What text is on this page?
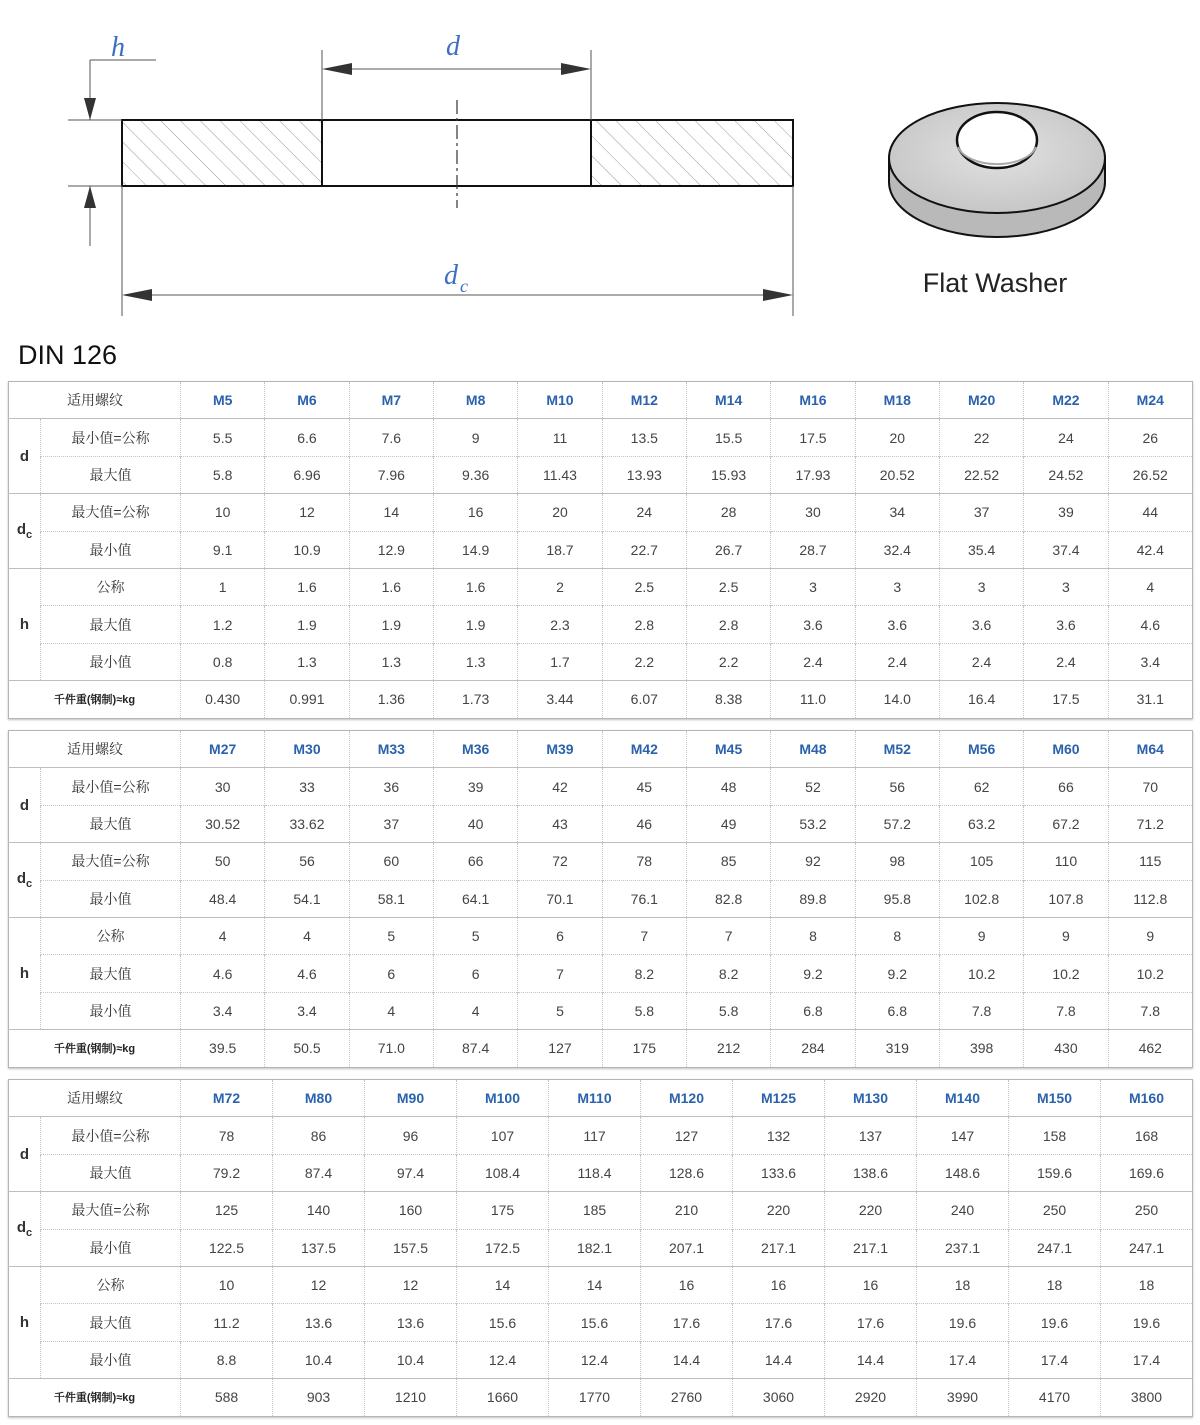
h	d
d c	Flat Washer
DIN 126
适用螺纹		M5	M6	M7	M8	M10	M12	M14	M16	M18	M20	M22	M24
d	最小值=公称	5.5	6.6	7.6	9	11	13.5	15.5	17.5	20	22	24	26
	最大值	5.8	6.96	7.96	9.36	11.43	13.93	15.93	17.93	20.52	22.52	24.52	26.52
$d_c$	最大值=公称	10	12	14	16	20	24	28	30	34	37	39	44
	最小值	9.1	10.9	12.9	14.9	18.7	22.7	26.7	28.7	32.4	35.4	37.4	42.4
h	公称	1	1.6	1.6	1.6	2	2.5	2.5	3	3	3	3	4
	最大值	1.2	1.9	1.9	1.9	2.3	2.8	2.8	3.6	3.6	3.6	3.6	4.6
	最小值	0.8	1.3	1.3	1.3	1.7	2.2	2.2	2.4	2.4	2.4	2.4	3.4
千件重(钢制)≈kg		0.430	0.991	1.36	1.73	3.44	6.07	8.38	11.0	14.0	16.4	17.5	31.1
适用螺纹		M27	M30	M33	M36	M39	M42	M45	M48	M52	M56	M60	M64
d	最小值=公称	30	33	36	39	42	45	48	52	56	62	66	70
	最大值	30.52	33.62	37	40	43	46	49	53.2	57.2	63.2	67.2	71.2
$d_c$	最大值=公称	50	56	60	66	72	78	85	92	98	105	110	115
	最小值	48.4	54.1	58.1	64.1	70.1	76.1	82.8	89.8	95.8	102.8	107.8	112.8
h	公称	4	4	5	5	6	7	7	8	8	9	9	9
	最大值	4.6	4.6	6	6	7	8.2	8.2	9.2	9.2	10.2	10.2	10.2
	最小值	3.4	3.4	4	4	5	5.8	5.8	6.8	6.8	7.8	7.8	7.8
千件重(钢制)≈kg		39.5	50.5	71.0	87.4	127	175	212	284	319	398	430	462
适用螺纹		M72	M80	M90	M100	M110	M120	M125	M130	M140	M150	M160
d	最小值=公称	78	86	96	107	117	127	132	137	147	158	168
	最大值	79.2	87.4	97.4	108.4	118.4	128.6	133.6	138.6	148.6	159.6	169.6
$d_c$	最大值=公称	125	140	160	175	185	210	220	220	240	250	250
	最小值	122.5	137.5	157.5	172.5	182.1	207.1	217.1	217.1	237.1	247.1	247.1
h	公称	10	12	12	14	14	16	16	16	18	18	18
	最大值	11.2	13.6	13.6	15.6	15.6	17.6	17.6	17.6	19.6	19.6	19.6
	最小值	8.8	10.4	10.4	12.4	12.4	14.4	14.4	14.4	17.4	17.4	17.4
千件重(钢制)≈kg		588	903	1210	1660	1770	2760	3060	2920	3990	4170	3800
